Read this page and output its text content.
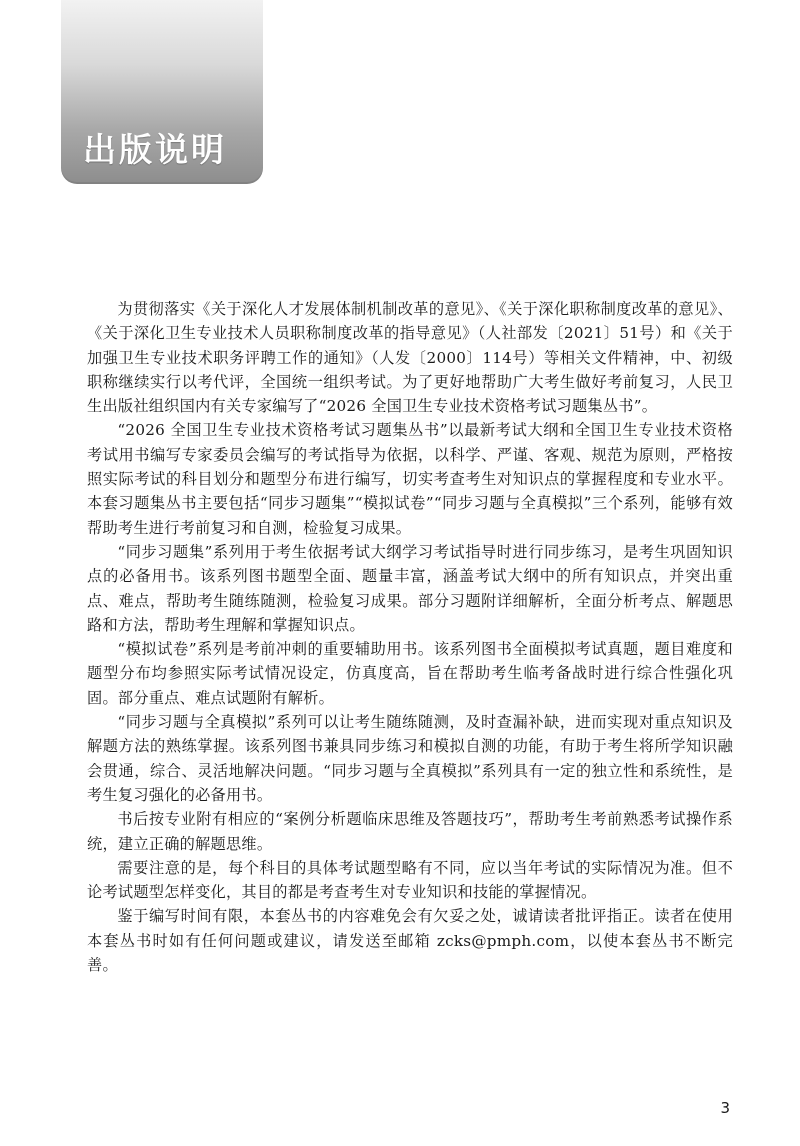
出版说明

为贯彻落实《关于深化人才发展体制机制改革的意见》、《关于深化职称制度改革的意见》、《关于深化卫生专业技术人员职称制度改革的指导意见》（人社部发〔2021〕51号）和《关于加强卫生专业技术职务评聘工作的通知》（人发〔2000〕114号）等相关文件精神，中、初级职称继续实行以考代评，全国统一组织考试。为了更好地帮助广大考生做好考前复习，人民卫生出版社组织国内有关专家编写了“2026 全国卫生专业技术资格考试习题集丛书”。

“2026 全国卫生专业技术资格考试习题集丛书”以最新考试大纲和全国卫生专业技术资格考试用书编写专家委员会编写的考试指导为依据，以科学、严谨、客观、规范为原则，严格按照实际考试的科目划分和题型分布进行编写，切实考查考生对知识点的掌握程度和专业水平。本套习题集丛书主要包括“同步习题集”“模拟试卷”“同步习题与全真模拟”三个系列，能够有效帮助考生进行考前复习和自测，检验复习成果。

“同步习题集”系列用于考生依据考试大纲学习考试指导时进行同步练习，是考生巩固知识点的必备用书。该系列图书题型全面、题量丰富，涵盖考试大纲中的所有知识点，并突出重点、难点，帮助考生随练随测，检验复习成果。部分习题附详细解析，全面分析考点、解题思路和方法，帮助考生理解和掌握知识点。

“模拟试卷”系列是考前冲刺的重要辅助用书。该系列图书全面模拟考试真题，题目难度和题型分布均参照实际考试情况设定，仿真度高，旨在帮助考生临考备战时进行综合性强化巩固。部分重点、难点试题附有解析。

“同步习题与全真模拟”系列可以让考生随练随测，及时查漏补缺，进而实现对重点知识及解题方法的熟练掌握。该系列图书兼具同步练习和模拟自测的功能，有助于考生将所学知识融会贯通，综合、灵活地解决问题。“同步习题与全真模拟”系列具有一定的独立性和系统性，是考生复习强化的必备用书。

书后按专业附有相应的“案例分析题临床思维及答题技巧”，帮助考生考前熟悉考试操作系统，建立正确的解题思维。

需要注意的是，每个科目的具体考试题型略有不同，应以当年考试的实际情况为准。但不论考试题型怎样变化，其目的都是考查考生对专业知识和技能的掌握情况。

鉴于编写时间有限，本套丛书的内容难免会有欠妥之处，诚请读者批评指正。读者在使用本套丛书时如有任何问题或建议，请发送至邮箱 zcks@pmph.com，以使本套丛书不断完善。

3
